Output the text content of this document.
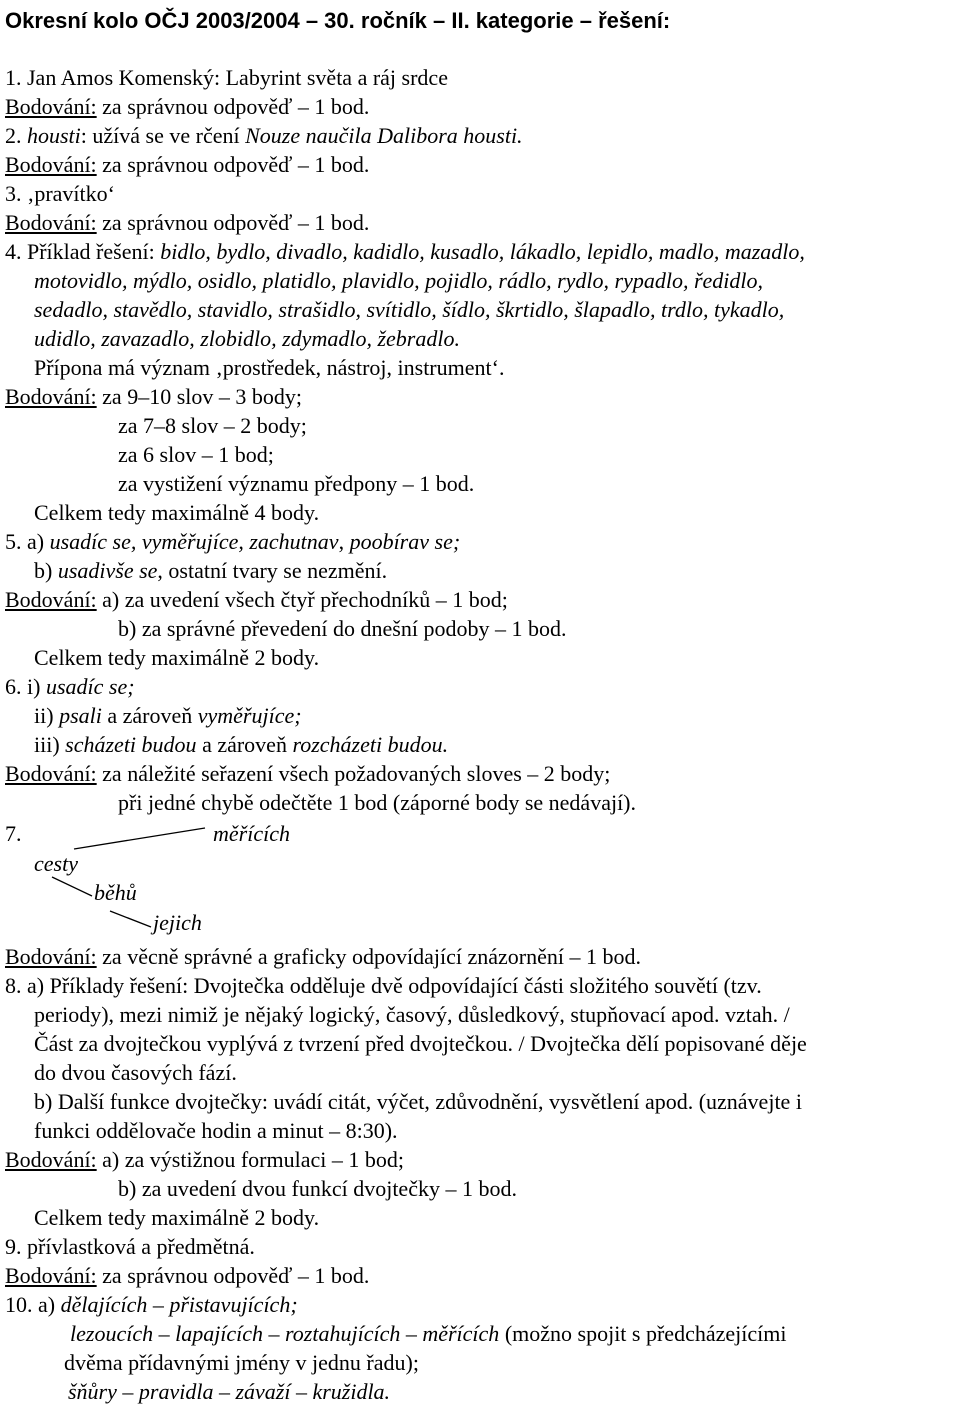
Okresní kolo OČJ 2003/2004 – 30. ročník – II. kategorie – řešení:
1. Jan Amos Komenský: Labyrint světa a ráj srdce
Bodování: za správnou odpověď – 1 bod.
2. housti: užívá se ve rčení Nouze naučila Dalibora housti.
Bodování: za správnou odpověď – 1 bod.
3. ‚pravítko‘
Bodování: za správnou odpověď – 1 bod.
4. Příklad řešení: bidlo, bydlo, divadlo, kadidlo, kusadlo, lákadlo, lepidlo, madlo, mazadlo,
motovidlo, mýdlo, osidlo, platidlo, plavidlo, pojidlo, rádlo, rydlo, rypadlo, ředidlo,
sedadlo, stavědlo, stavidlo, strašidlo, svítidlo, šídlo, škrtidlo, šlapadlo, trdlo, tykadlo,
udidlo, zavazadlo, zlobidlo, zdymadlo, žebradlo.
Přípona má význam ‚prostředek, nástroj, instrument‘.
Bodování: za 9–10 slov – 3 body;
za 7–8 slov – 2 body;
za 6 slov – 1 bod;
za vystižení významu předpony – 1 bod.
Celkem tedy maximálně 4 body.
5. a) usadíc se, vyměřujíce, zachutnav, poobírav se;
b) usadivše se, ostatní tvary se nezmění.
Bodování: a) za uvedení všech čtyř přechodníků – 1 bod;
b) za správné převedení do dnešní podoby – 1 bod.
Celkem tedy maximálně 2 body.
6. i) usadíc se;
ii) psali a zároveň vyměřujíce;
iii) scházeti budou a zároveň rozcházeti budou.
Bodování: za náležité seřazení všech požadovaných sloves – 2 body;
při jedné chybě odečtěte 1 bod (záporné body se nedávají).
7.	měřících
cesty
běhů
jejich
Bodování: za věcně správné a graficky odpovídající znázornění – 1 bod.
8. a) Příklady řešení: Dvojtečka odděluje dvě odpovídající části složitého souvětí (tzv.
periody), mezi nimiž je nějaký logický, časový, důsledkový, stupňovací apod. vztah. /
Část za dvojtečkou vyplývá z tvrzení před dvojtečkou. / Dvojtečka dělí popisované děje
do dvou časových fází.
b) Další funkce dvojtečky: uvádí citát, výčet, zdůvodnění, vysvětlení apod. (uznávejte i
funkci oddělovače hodin a minut – 8:30).
Bodování: a) za výstižnou formulaci – 1 bod;
b) za uvedení dvou funkcí dvojtečky – 1 bod.
Celkem tedy maximálně 2 body.
9. přívlastková a předmětná.
Bodování: za správnou odpověď – 1 bod.
10. a) dělajících – přistavujících;
lezoucích – lapajících – roztahujících – měřících (možno spojit s předcházejícími
dvěma přídavnými jmény v jednu řadu);
šňůry – pravidla – závaží – kružidla.
